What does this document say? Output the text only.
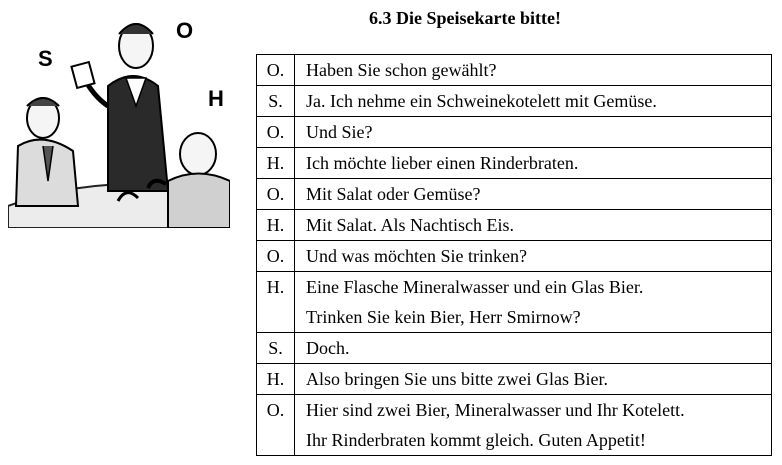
S
O
H
6.3 Die Speisekarte bitte!
O.	Haben Sie schon gewählt?

S.	Ja. Ich nehme ein Schweinekotelett mit Gemüse.

O.	Und Sie?

H.	Ich möchte lieber einen Rinderbraten.

O.	Mit Salat oder Gemüse?

H.	Mit Salat. Als Nachtisch Eis.

O.	Und was möchten Sie trinken?

H.	Eine Flasche Mineralwasser und ein Glas Bier.
Trinken Sie kein Bier, Herr Smirnow?

S.	Doch.

H.	Also bringen Sie uns bitte zwei Glas Bier.

O.	Hier sind zwei Bier, Mineralwasser und Ihr Kotelett.
Ihr Rinderbraten kommt gleich. Guten Appetit!
